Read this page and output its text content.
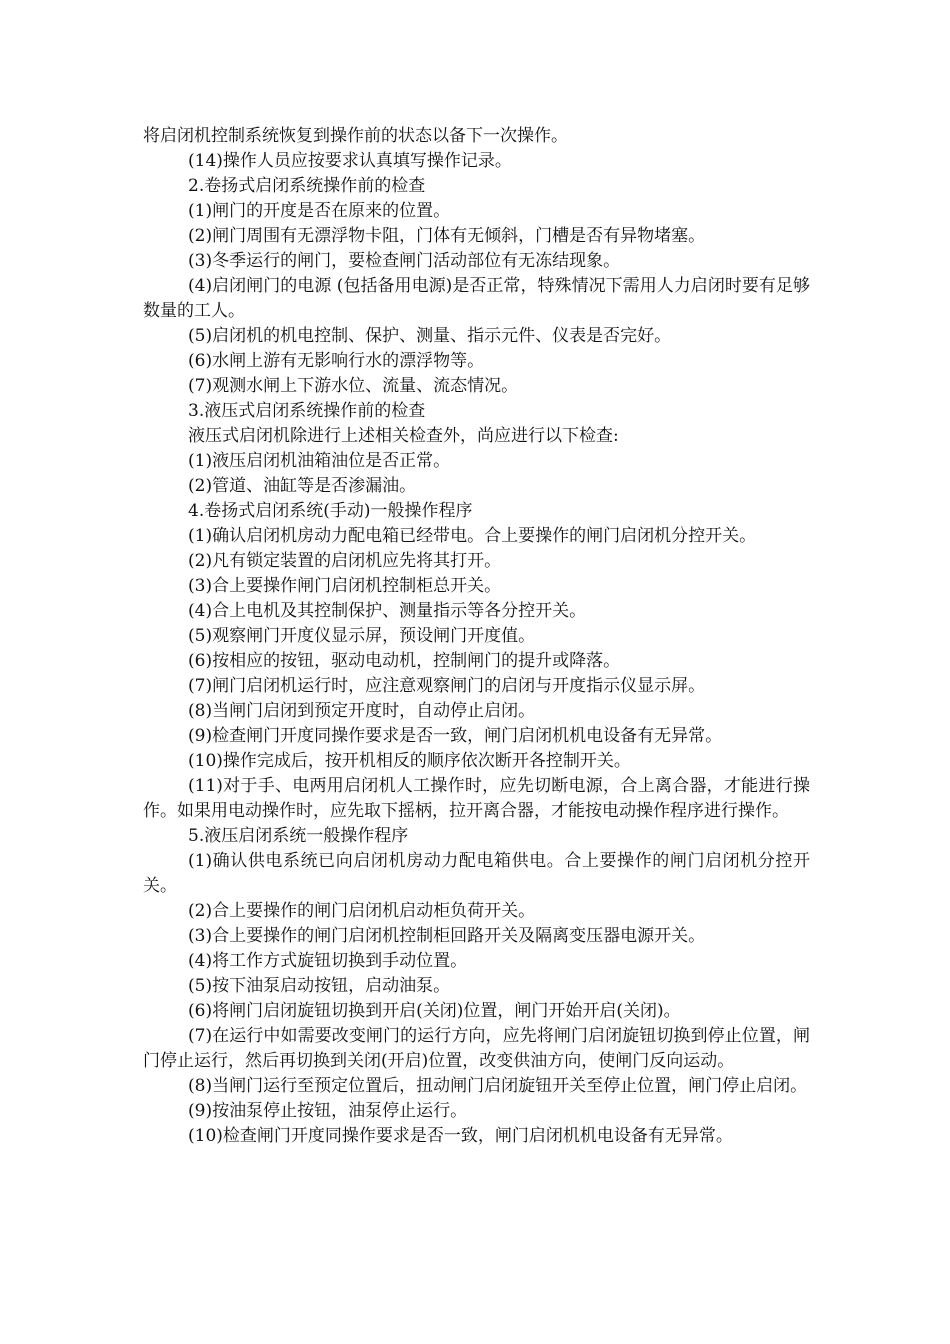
将启闭机控制系统恢复到操作前的状态以备下一次操作。

(14)操作人员应按要求认真填写操作记录。

2.卷扬式启闭系统操作前的检查

(1)闸门的开度是否在原来的位置。

(2)闸门周围有无漂浮物卡阻，门体有无倾斜，门槽是否有异物堵塞。

(3)冬季运行的闸门，要检查闸门活动部位有无冻结现象。

(4)启闭闸门的电源 (包括备用电源)是否正常，特殊情况下需用人力启闭时要有足够数量的工人。

(5)启闭机的机电控制、保护、测量、指示元件、仪表是否完好。

(6)水闸上游有无影响行水的漂浮物等。

(7)观测水闸上下游水位、流量、流态情况。

3.液压式启闭系统操作前的检查

液压式启闭机除进行上述相关检查外，尚应进行以下检查:

(1)液压启闭机油箱油位是否正常。

(2)管道、油缸等是否渗漏油。

4.卷扬式启闭系统(手动)一般操作程序

(1)确认启闭机房动力配电箱已经带电。合上要操作的闸门启闭机分控开关。

(2)凡有锁定装置的启闭机应先将其打开。

(3)合上要操作闸门启闭机控制柜总开关。

(4)合上电机及其控制保护、测量指示等各分控开关。

(5)观察闸门开度仪显示屏，预设闸门开度值。

(6)按相应的按钮，驱动电动机，控制闸门的提升或降落。

(7)闸门启闭机运行时，应注意观察闸门的启闭与开度指示仪显示屏。

(8)当闸门启闭到预定开度时，自动停止启闭。

(9)检查闸门开度同操作要求是否一致，闸门启闭机机电设备有无异常。

(10)操作完成后，按开机相反的顺序依次断开各控制开关。

(11)对于手、电两用启闭机人工操作时，应先切断电源，合上离合器，才能进行操作。如果用电动操作时，应先取下摇柄，拉开离合器，才能按电动操作程序进行操作。

5.液压启闭系统一般操作程序

(1)确认供电系统已向启闭机房动力配电箱供电。合上要操作的闸门启闭机分控开关。

(2)合上要操作的闸门启闭机启动柜负荷开关。

(3)合上要操作的闸门启闭机控制柜回路开关及隔离变压器电源开关。

(4)将工作方式旋钮切换到手动位置。

(5)按下油泵启动按钮，启动油泵。

(6)将闸门启闭旋钮切换到开启(关闭)位置，闸门开始开启(关闭)。

(7)在运行中如需要改变闸门的运行方向，应先将闸门启闭旋钮切换到停止位置，闸门停止运行，然后再切换到关闭(开启)位置，改变供油方向，使闸门反向运动。

(8)当闸门运行至预定位置后，扭动闸门启闭旋钮开关至停止位置，闸门停止启闭。

(9)按油泵停止按钮，油泵停止运行。

(10)检查闸门开度同操作要求是否一致，闸门启闭机机电设备有无异常。
